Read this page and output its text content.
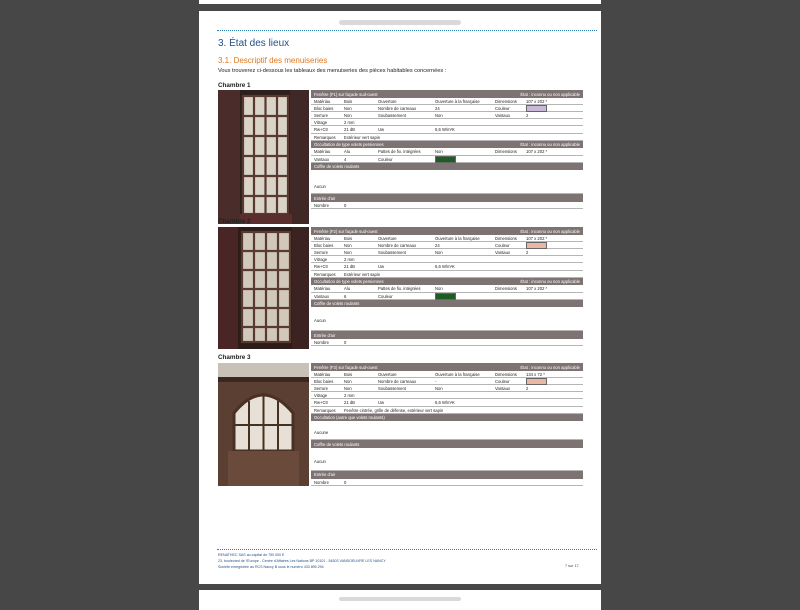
3. État des lieux
3.1. Descriptif des menuiseries
Vous trouverez ci-dessous les tableaux des menuiseries des pièces habitables concernées :
Chambre 1
Fenêtre (F1) sur façade sud-ouest	État : inconnu ou non applicable
Matériau	Bois	Ouverture	Ouverture à la française	Dimensions 107 x 202 *
Bloc baies	Non	Nombre de carreaux	24	Couleur
Serrure	Non	Soubassement	Non	Vantaux	2
Vitrage	2 mm
Rw+Ctr	21 dB	Uw	5,6 W/m²K
Remarques Extérieur vert sapin
Occultation de type volets persiennes	État : inconnu ou non applicable
Matériau	Alu	Pattes de fix. intégrées	Non	Dimensions 107 x 202 *
Vantaux	4	Couleur
Coffre de volets roulants
Aucun
Entrée d'air
Nombre	0
Chambre 2
Fenêtre (F2) sur façade sud-ouest	État : inconnu ou non applicable
Matériau	Bois	Ouverture	Ouverture à la française	Dimensions 107 x 202 *
Bloc baies	Non	Nombre de carreaux	24	Couleur
Serrure	Non	Soubassement	Non	Vantaux	2
Vitrage	2 mm
Rw+Ctr	21 dB	Uw	5,6 W/m²K
Remarques Extérieur vert sapin
Occultation de type volets persiennes	État : inconnu ou non applicable
Matériau	Alu	Pattes de fix. intégrées	Non	Dimensions 107 x 202 *
Vantaux	6	Couleur
Coffre de volets roulants
Aucun
Entrée d'air
Nombre	0
Chambre 3
Fenêtre (F3) sur façade sud-ouest	État : inconnu ou non applicable
Matériau	Bois	Ouverture	Ouverture à la française	Dimensions 134 x 72 *
Bloc baies	Non	Nombre de carreaux	-	Couleur
Serrure	Non	Soubassement	Non	Vantaux	2
Vitrage	2 mm
Rw+Ctr	21 dB	Uw	5,6 W/m²K
Remarques Fenêtre cintrée, grille de défense, extérieur vert sapin
Occultation (autre que volets roulants)
Aucune
Coffre de volets roulants
Aucun
Entrée d'air
Nombre	0
RENATHEC SAS au capital de 750 000 €
23, boulevard de l'Europe - Centre d'Affaires Les Nations BP 10101 - 54503 VANDOEUVRE LES NANCY
Société enregistrée au RCS Nancy B sous le numéro 433 895 294	7 sur 17
